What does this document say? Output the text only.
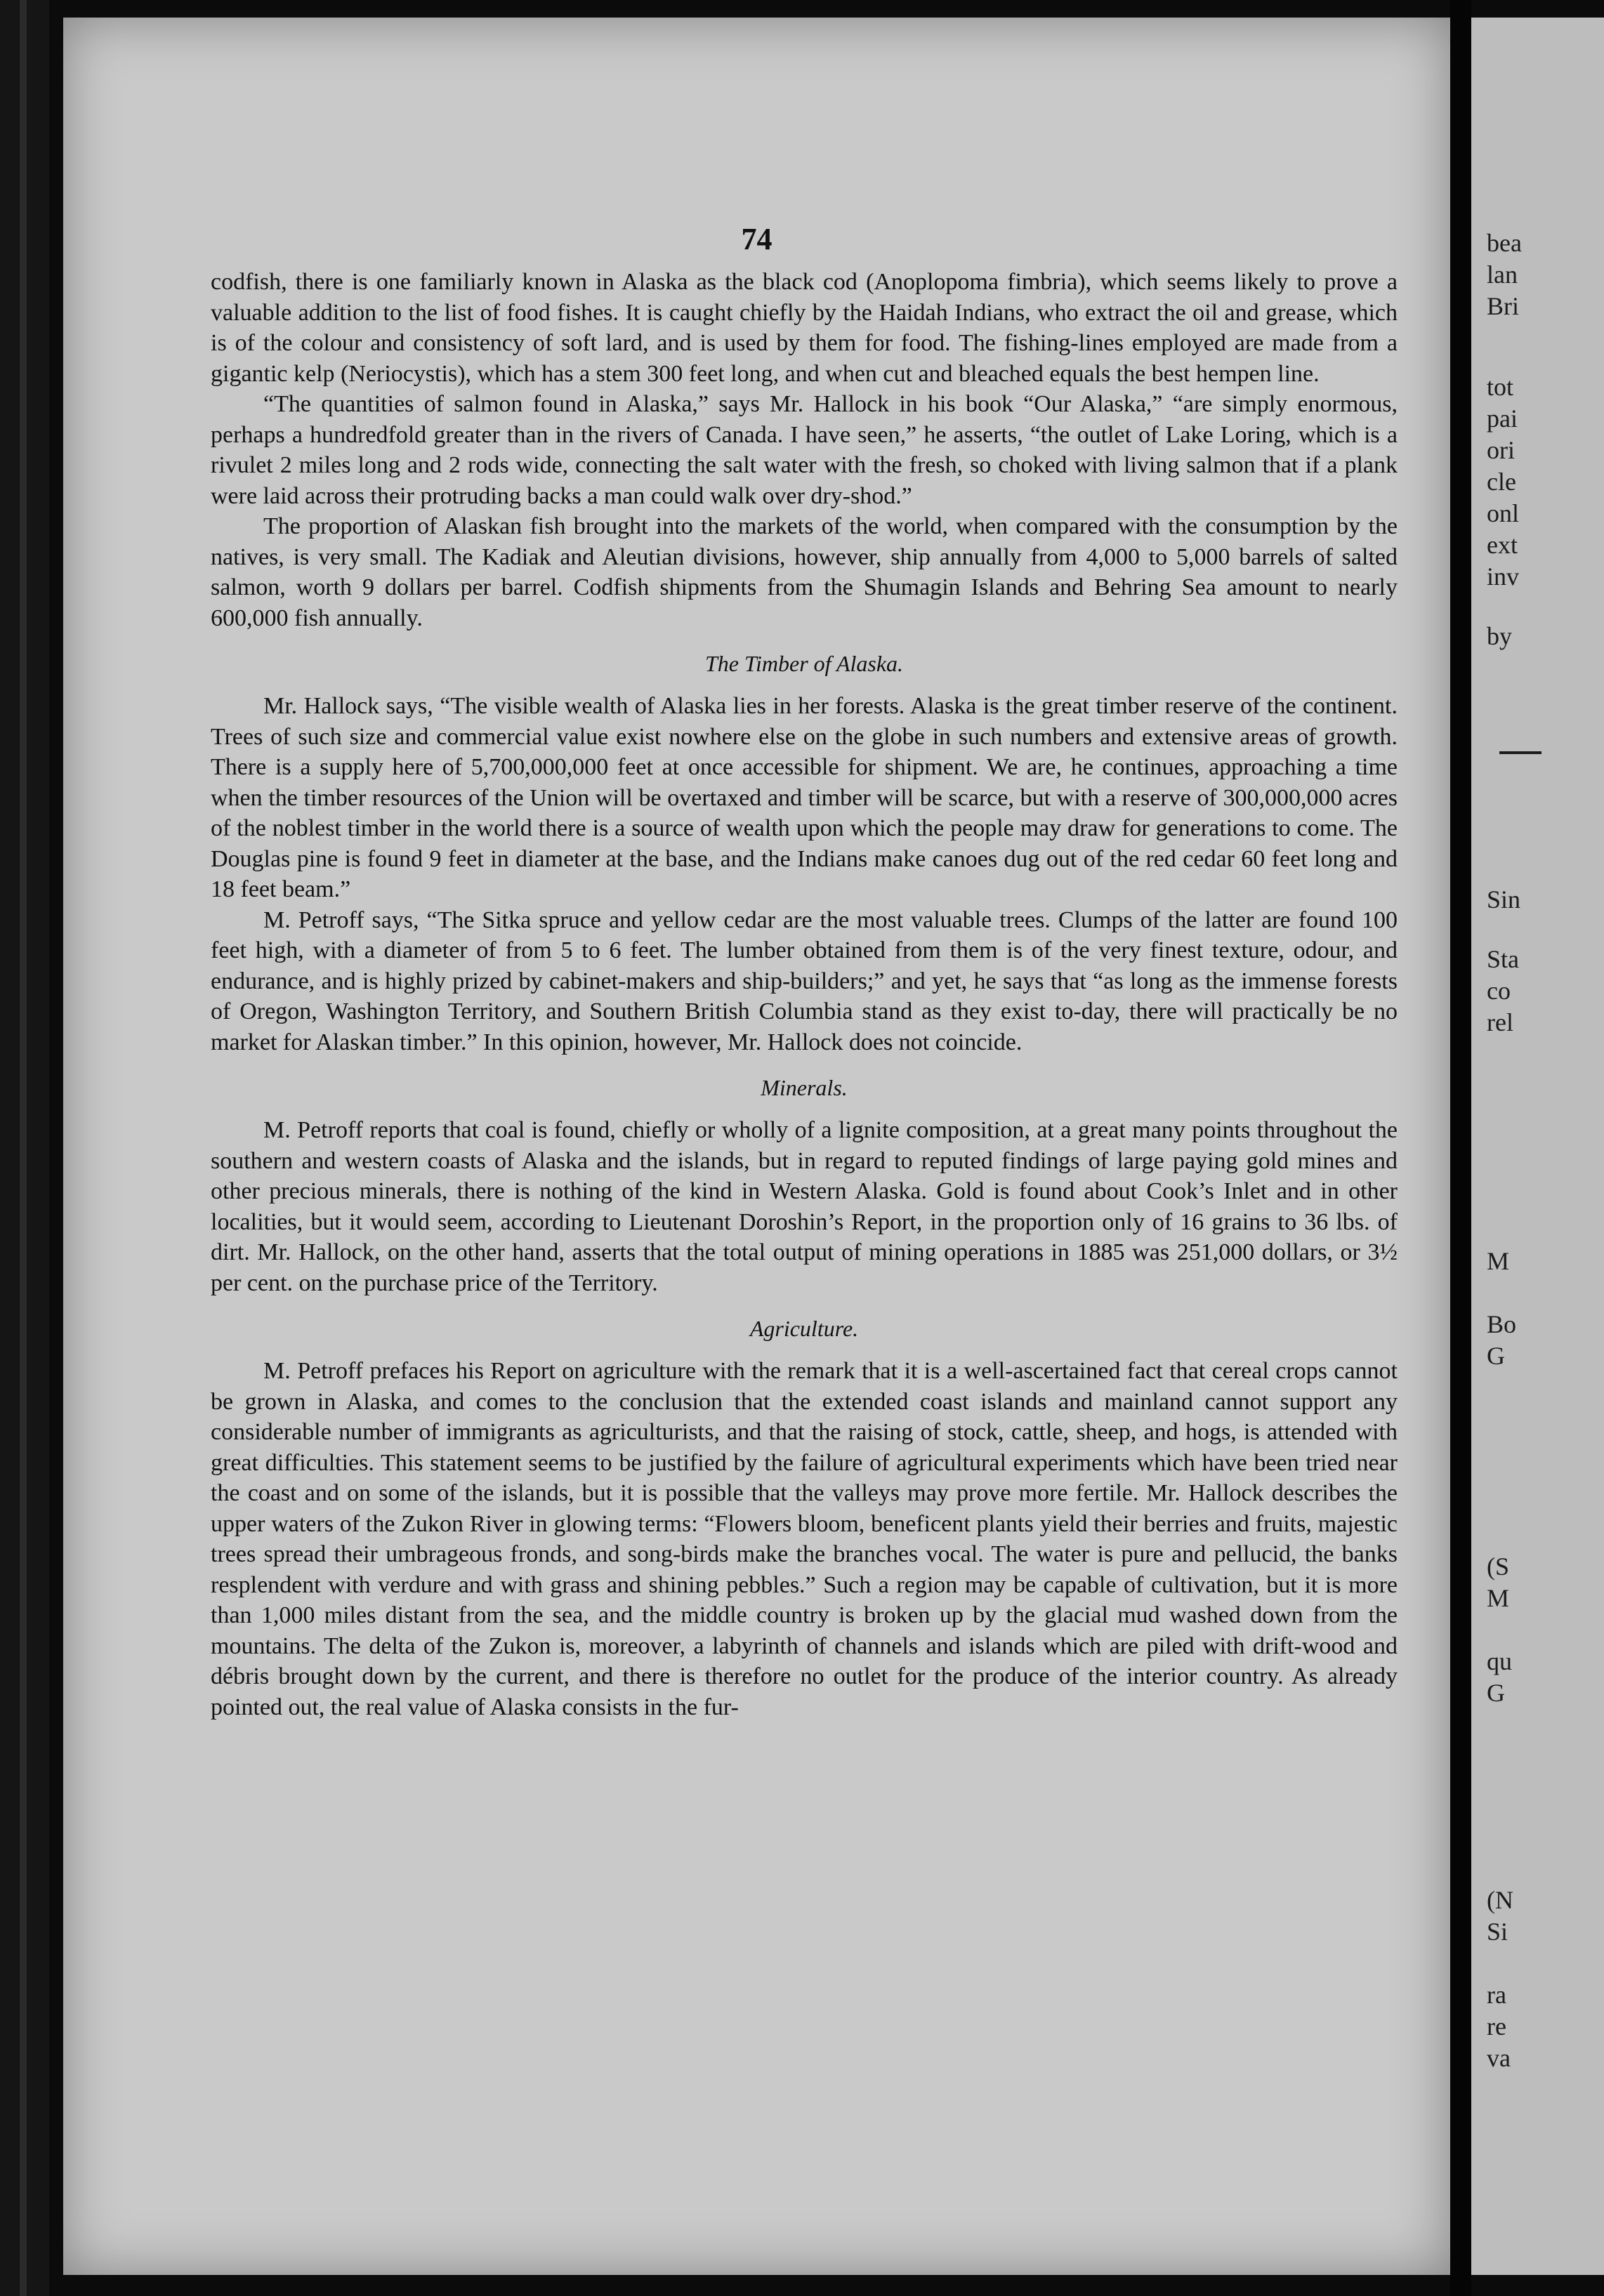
74

codfish, there is one familiarly known in Alaska as the black cod (Anoplopoma fimbria), which seems likely to prove a valuable addition to the list of food fishes. It is caught chiefly by the Haidah Indians, who extract the oil and grease, which is of the colour and consistency of soft lard, and is used by them for food. The fishing-lines employed are made from a gigantic kelp (Neriocystis), which has a stem 300 feet long, and when cut and bleached equals the best hempen line.

“The quantities of salmon found in Alaska,” says Mr. Hallock in his book “Our Alaska,” “are simply enormous, perhaps a hundredfold greater than in the rivers of Canada. I have seen,” he asserts, “the outlet of Lake Loring, which is a rivulet 2 miles long and 2 rods wide, connecting the salt water with the fresh, so choked with living salmon that if a plank were laid across their protruding backs a man could walk over dry-shod.”

The proportion of Alaskan fish brought into the markets of the world, when compared with the consumption by the natives, is very small. The Kadiak and Aleutian divisions, however, ship annually from 4,000 to 5,000 barrels of salted salmon, worth 9 dollars per barrel. Codfish shipments from the Shumagin Islands and Behring Sea amount to nearly 600,000 fish annually.

The Timber of Alaska.

Mr. Hallock says, “The visible wealth of Alaska lies in her forests. Alaska is the great timber reserve of the continent. Trees of such size and commercial value exist nowhere else on the globe in such numbers and extensive areas of growth. There is a supply here of 5,700,000,000 feet at once accessible for shipment. We are, he continues, approaching a time when the timber resources of the Union will be overtaxed and timber will be scarce, but with a reserve of 300,000,000 acres of the noblest timber in the world there is a source of wealth upon which the people may draw for generations to come. The Douglas pine is found 9 feet in diameter at the base, and the Indians make canoes dug out of the red cedar 60 feet long and 18 feet beam.”

M. Petroff says, “The Sitka spruce and yellow cedar are the most valuable trees. Clumps of the latter are found 100 feet high, with a diameter of from 5 to 6 feet. The lumber obtained from them is of the very finest texture, odour, and endurance, and is highly prized by cabinet-makers and ship-builders;” and yet, he says that “as long as the immense forests of Oregon, Washington Territory, and Southern British Columbia stand as they exist to-day, there will practically be no market for Alaskan timber.” In this opinion, however, Mr. Hallock does not coincide.

Minerals.

M. Petroff reports that coal is found, chiefly or wholly of a lignite composition, at a great many points throughout the southern and western coasts of Alaska and the islands, but in regard to reputed findings of large paying gold mines and other precious minerals, there is nothing of the kind in Western Alaska. Gold is found about Cook’s Inlet and in other localities, but it would seem, according to Lieutenant Doroshin’s Report, in the proportion only of 16 grains to 36 lbs. of dirt. Mr. Hallock, on the other hand, asserts that the total output of mining operations in 1885 was 251,000 dollars, or 3½ per cent. on the purchase price of the Territory.

Agriculture.

M. Petroff prefaces his Report on agriculture with the remark that it is a well-ascertained fact that cereal crops cannot be grown in Alaska, and comes to the conclusion that the extended coast islands and mainland cannot support any considerable number of immigrants as agriculturists, and that the raising of stock, cattle, sheep, and hogs, is attended with great difficulties. This statement seems to be justified by the failure of agricultural experiments which have been tried near the coast and on some of the islands, but it is possible that the valleys may prove more fertile. Mr. Hallock describes the upper waters of the Zukon River in glowing terms: “Flowers bloom, beneficent plants yield their berries and fruits, majestic trees spread their umbrageous fronds, and song-birds make the branches vocal. The water is pure and pellucid, the banks resplendent with verdure and with grass and shining pebbles.” Such a region may be capable of cultivation, but it is more than 1,000 miles distant from the sea, and the middle country is broken up by the glacial mud washed down from the mountains. The delta of the Zukon is, moreover, a labyrinth of channels and islands which are piled with drift-wood and débris brought down by the current, and there is therefore no outlet for the produce of the interior country. As already pointed out, the real value of Alaska consists in the fur-

bea
lan
Bri
tot
pai
ori
cle
onl
ext
inv
by
Sin
Sta
co
rel
M
Bo
G
(S
M
qu
G
(N
Si
ra
re
va
